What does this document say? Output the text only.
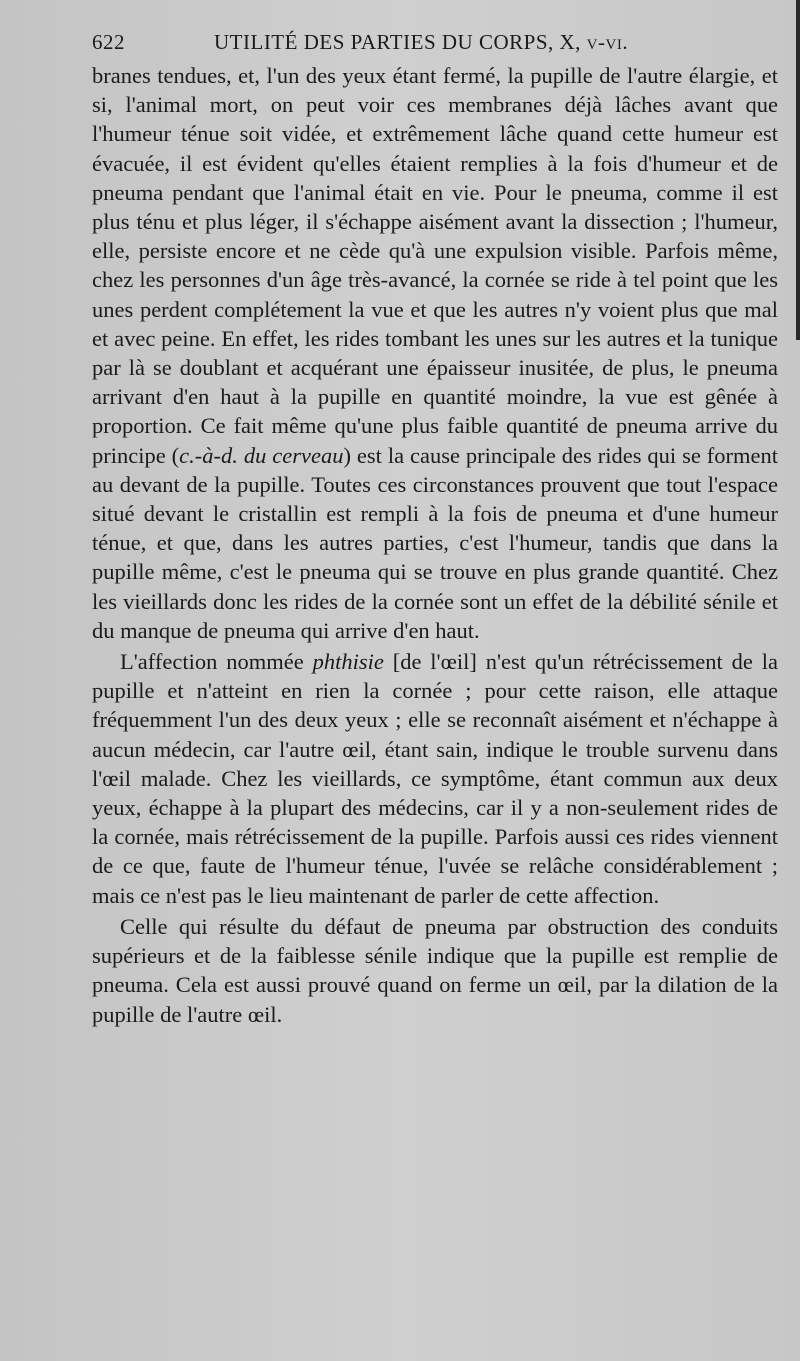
622	UTILITÉ DES PARTIES DU CORPS, X, v-vi.

branes tendues, et, l'un des yeux étant fermé, la pupille de l'autre élargie, et si, l'animal mort, on peut voir ces membranes déjà lâches avant que l'humeur ténue soit vidée, et extrêmement lâche quand cette humeur est évacuée, il est évident qu'elles étaient remplies à la fois d'humeur et de pneuma pendant que l'animal était en vie. Pour le pneuma, comme il est plus ténu et plus léger, il s'échappe aisément avant la dissection ; l'humeur, elle, persiste encore et ne cède qu'à une expulsion visible. Parfois même, chez les personnes d'un âge très-avancé, la cornée se ride à tel point que les unes perdent complétement la vue et que les autres n'y voient plus que mal et avec peine. En effet, les rides tombant les unes sur les autres et la tunique par là se doublant et acquérant une épaisseur inusitée, de plus, le pneuma arrivant d'en haut à la pupille en quantité moindre, la vue est gênée à proportion. Ce fait même qu'une plus faible quantité de pneuma arrive du principe (c.-à-d. du cerveau) est la cause principale des rides qui se forment au devant de la pupille. Toutes ces circonstances prouvent que tout l'espace situé devant le cristallin est rempli à la fois de pneuma et d'une humeur ténue, et que, dans les autres parties, c'est l'humeur, tandis que dans la pupille même, c'est le pneuma qui se trouve en plus grande quantité. Chez les vieillards donc les rides de la cornée sont un effet de la débilité sénile et du manque de pneuma qui arrive d'en haut.

L'affection nommée phthisie [de l'œil] n'est qu'un rétrécissement de la pupille et n'atteint en rien la cornée ; pour cette raison, elle attaque fréquemment l'un des deux yeux ; elle se reconnaît aisément et n'échappe à aucun médecin, car l'autre œil, étant sain, indique le trouble survenu dans l'œil malade. Chez les vieillards, ce symptôme, étant commun aux deux yeux, échappe à la plupart des médecins, car il y a non-seulement rides de la cornée, mais rétrécissement de la pupille. Parfois aussi ces rides viennent de ce que, faute de l'humeur ténue, l'uvée se relâche considérablement ; mais ce n'est pas le lieu maintenant de parler de cette affection.

Celle qui résulte du défaut de pneuma par obstruction des conduits supérieurs et de la faiblesse sénile indique que la pupille est remplie de pneuma. Cela est aussi prouvé quand on ferme un œil, par la dilation de la pupille de l'autre œil.
